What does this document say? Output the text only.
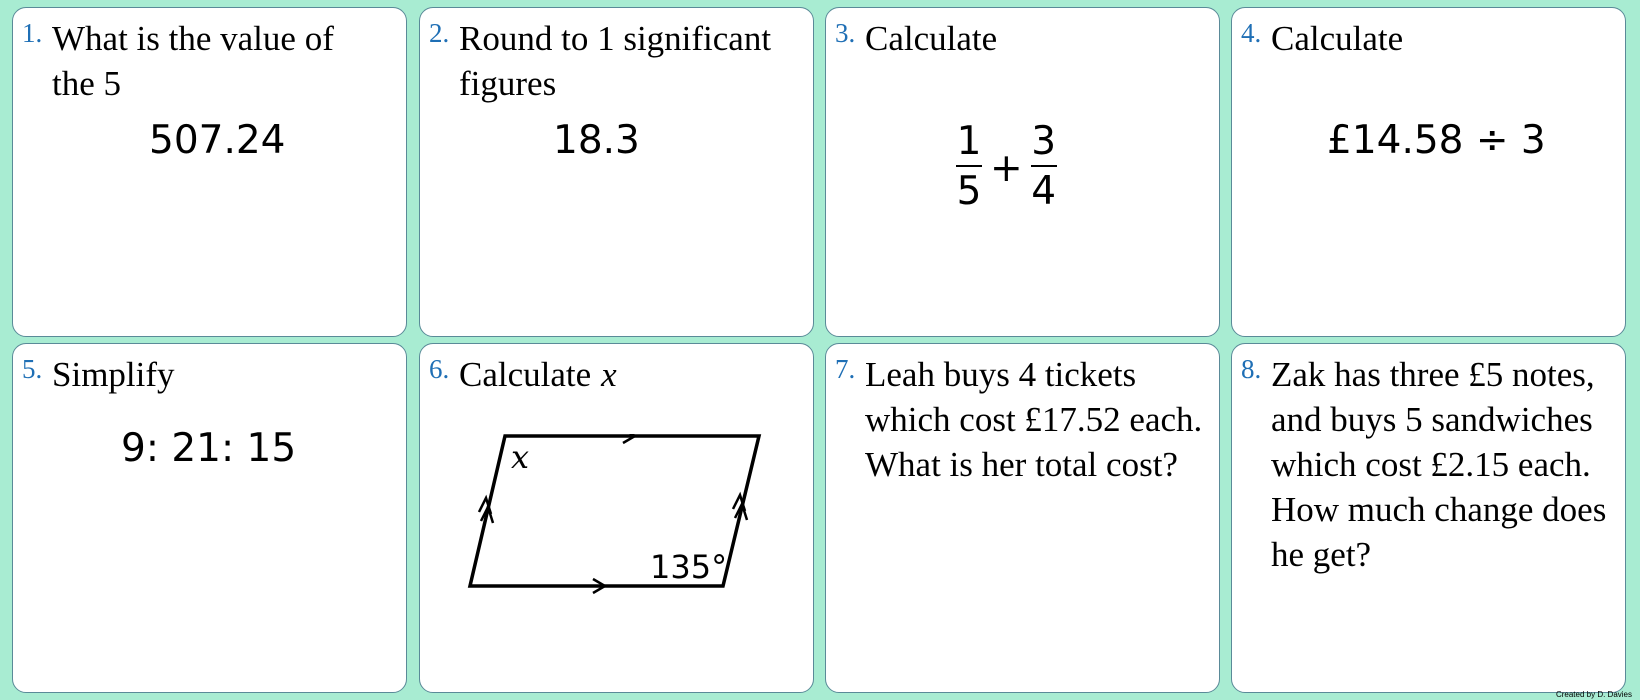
1. What is the value of
the 5
507.24
2. Round to 1 significant
figures
18.3
3. Calculate
$\frac{1}{5} + \frac{3}{4}$
4. Calculate
£14.58 ÷ 3
5. Simplify
9: 21: 15
6. Calculate x
x
135°
7. Leah buys 4 tickets
which cost £17.52 each.
What is her total cost?
8. Zak has three £5 notes,
and buys 5 sandwiches
which cost £2.15 each.
How much change does
he get?
Created by D. Davies
